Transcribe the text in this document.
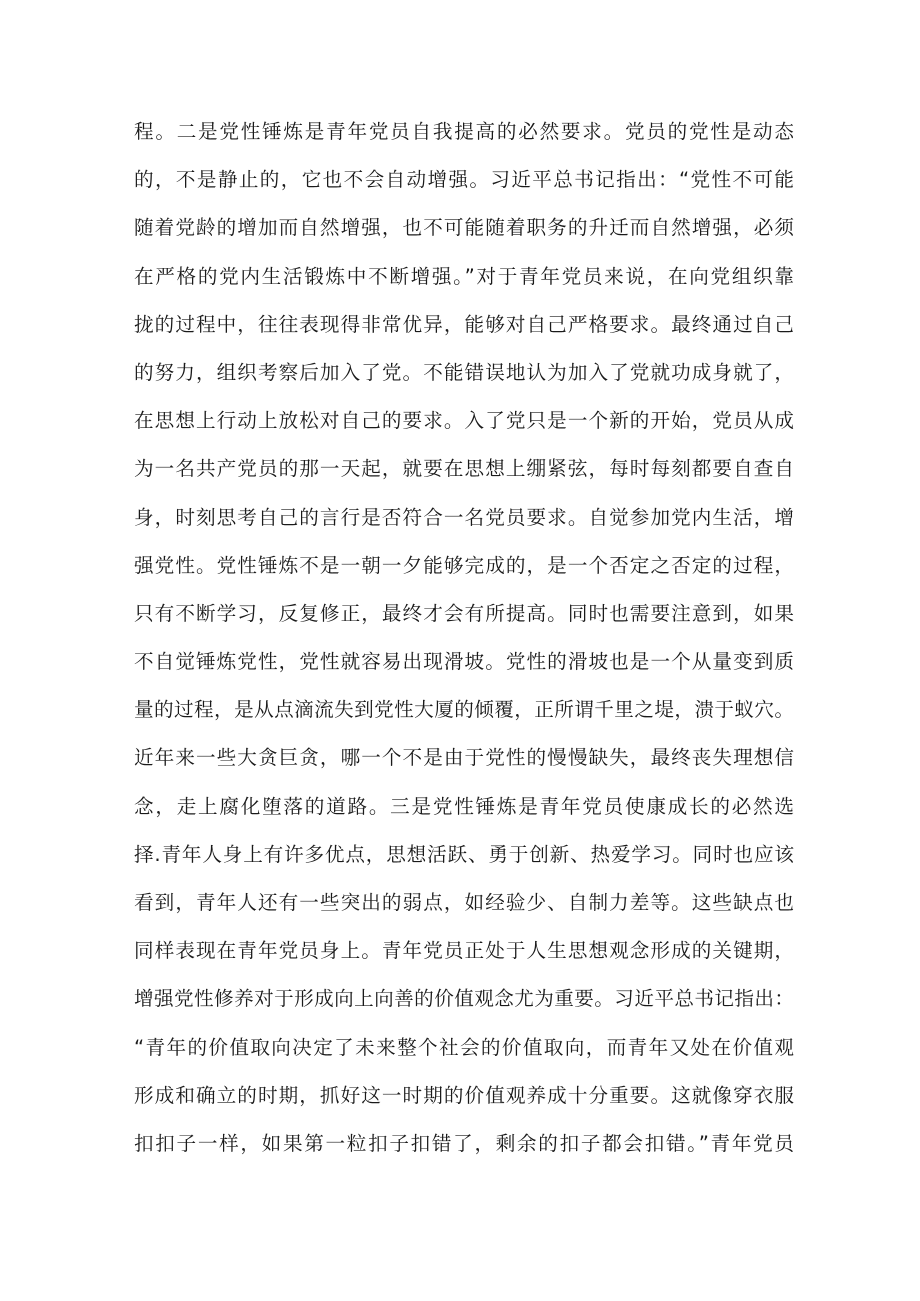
程。二是党性锤炼是青年党员自我提高的必然要求。党员的党性是动态
的，不是静止的，它也不会自动增强。习近平总书记指出：“党性不可能
随着党龄的增加而自然增强，也不可能随着职务的升迁而自然增强，必须
在严格的党内生活锻炼中不断增强。”对于青年党员来说，在向党组织靠
拢的过程中，往往表现得非常优异，能够对自己严格要求。最终通过自己
的努力，组织考察后加入了党。不能错误地认为加入了党就功成身就了，
在思想上行动上放松对自己的要求。入了党只是一个新的开始，党员从成
为一名共产党员的那一天起，就要在思想上绷紧弦，每时每刻都要自查自
身，时刻思考自己的言行是否符合一名党员要求。自觉参加党内生活，增
强党性。党性锤炼不是一朝一夕能够完成的，是一个否定之否定的过程，
只有不断学习，反复修正，最终才会有所提高。同时也需要注意到，如果
不自觉锤炼党性，党性就容易出现滑坡。党性的滑坡也是一个从量变到质
量的过程，是从点滴流失到党性大厦的倾覆，正所谓千里之堤，溃于蚁穴。
近年来一些大贪巨贪，哪一个不是由于党性的慢慢缺失，最终丧失理想信
念，走上腐化堕落的道路。三是党性锤炼是青年党员使康成长的必然选
择.青年人身上有许多优点，思想活跃、勇于创新、热爱学习。同时也应该
看到，青年人还有一些突出的弱点，如经验少、自制力差等。这些缺点也
同样表现在青年党员身上。青年党员正处于人生思想观念形成的关键期，
增强党性修养对于形成向上向善的价值观念尤为重要。习近平总书记指出：
“青年的价值取向决定了未来整个社会的价值取向，而青年又处在价值观
形成和确立的时期，抓好这一时期的价值观养成十分重要。这就像穿衣服
扣扣子一样，如果第一粒扣子扣错了，剩余的扣子都会扣错。”青年党员
